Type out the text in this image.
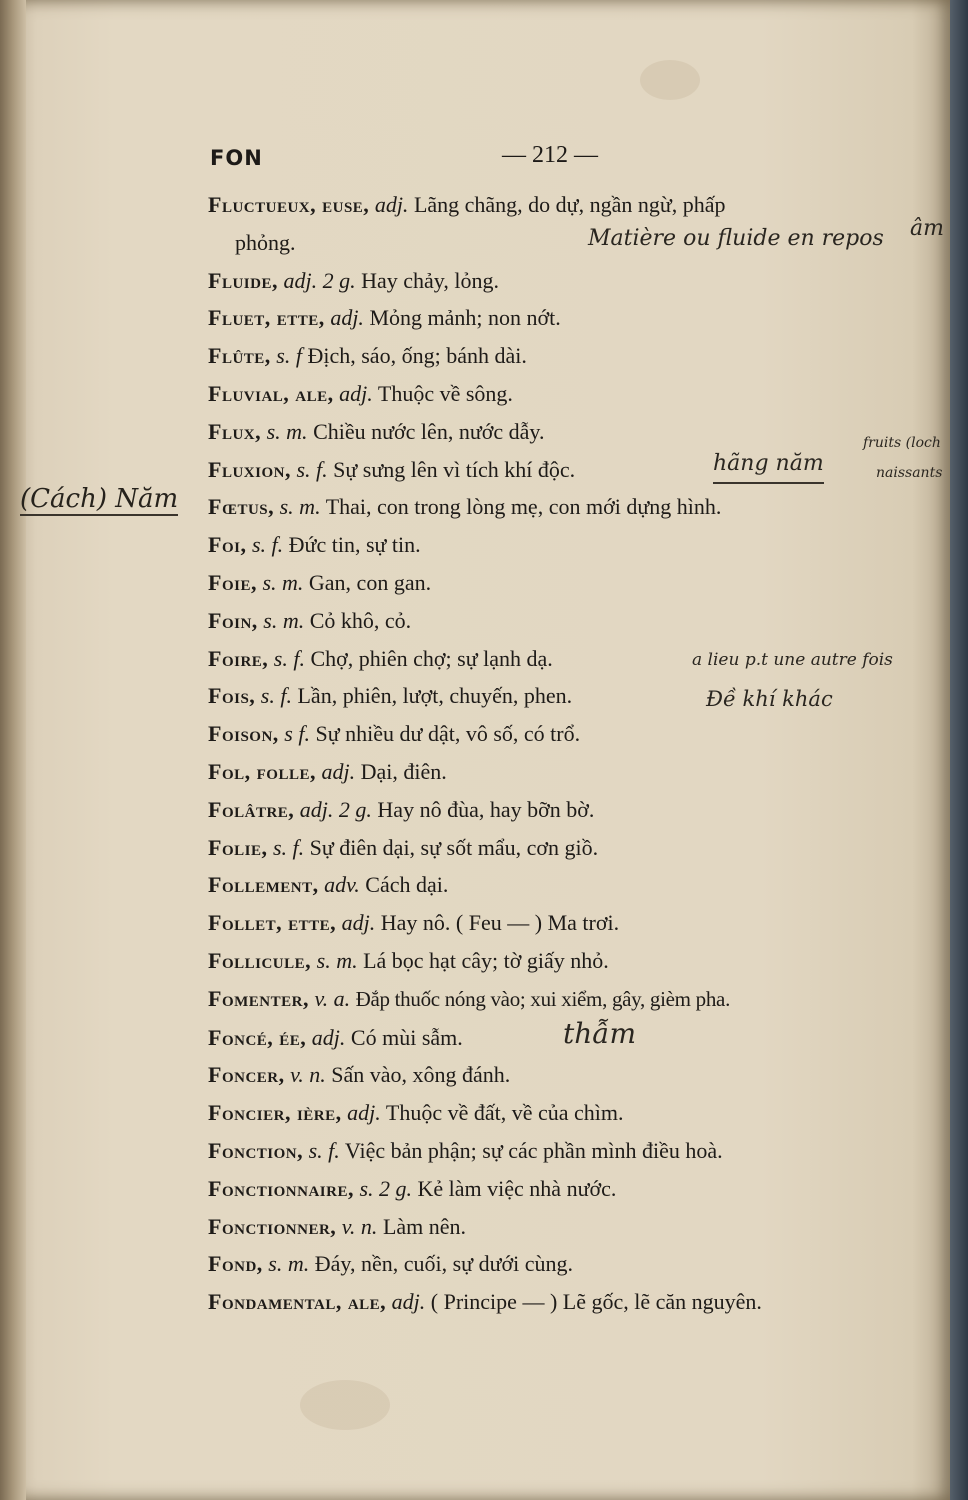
FON	— 212 —
Fluctueux, euse, adj. Lãng chãng, do dự, ngần ngừ, phấp
phỏng.	Matière ou fluide en repos âm
Fluide, adj. 2 g. Hay chảy, lỏng.
Fluet, ette, adj. Mỏng mảnh; non nớt.
Flûte, s. f Địch, sáo, ống; bánh dài.
Fluvial, ale, adj. Thuộc về sông.
Flux, s. m. Chiều nước lên, nước dẫy.
Fluxion, s. f. Sự sưng lên vì tích khí độc.	hãng năm
fruits (loch
naissants
Fœtus, s. m. Thai, con trong lòng mẹ, con mới dựng hình.
Foi, s. f. Đức tin, sự tin.
Foie, s. m. Gan, con gan.
Foin, s. m. Cỏ khô, cỏ.
Foire, s. f. Chợ, phiên chợ; sự lạnh dạ.	a lieu p.t une autre fois
Fois, s. f. Lần, phiên, lượt, chuyến, phen.	Đề khí khác
Foison, s f. Sự nhiều dư dật, vô số, có trổ.
Fol, folle, adj. Dại, điên.
Folâtre, adj. 2 g. Hay nô đùa, hay bỡn bờ.
Folie, s. f. Sự điên dại, sự sốt mẩu, cơn giồ.
Follement, adv. Cách dại.
Follet, ette, adj. Hay nô. ( Feu — ) Ma trơi.
Follicule, s. m. Lá bọc hạt cây; tờ giấy nhỏ.
Fomenter, v. a. Đắp thuốc nóng vào; xui xiểm, gây, gièm pha.
Foncé, ée, adj. Có mùi sẫm.	thẫm
Foncer, v. n. Sấn vào, xông đánh.
Foncier, ière, adj. Thuộc về đất, về của chìm.
Fonction, s. f. Việc bản phận; sự các phần mình điều hoà.
Fonctionnaire, s. 2 g. Kẻ làm việc nhà nước.
Fonctionner, v. n. Làm nên.
Fond, s. m. Đáy, nền, cuối, sự dưới cùng.
Fondamental, ale, adj. ( Principe — ) Lẽ gốc, lẽ căn nguyên.
(Cách) Năm
